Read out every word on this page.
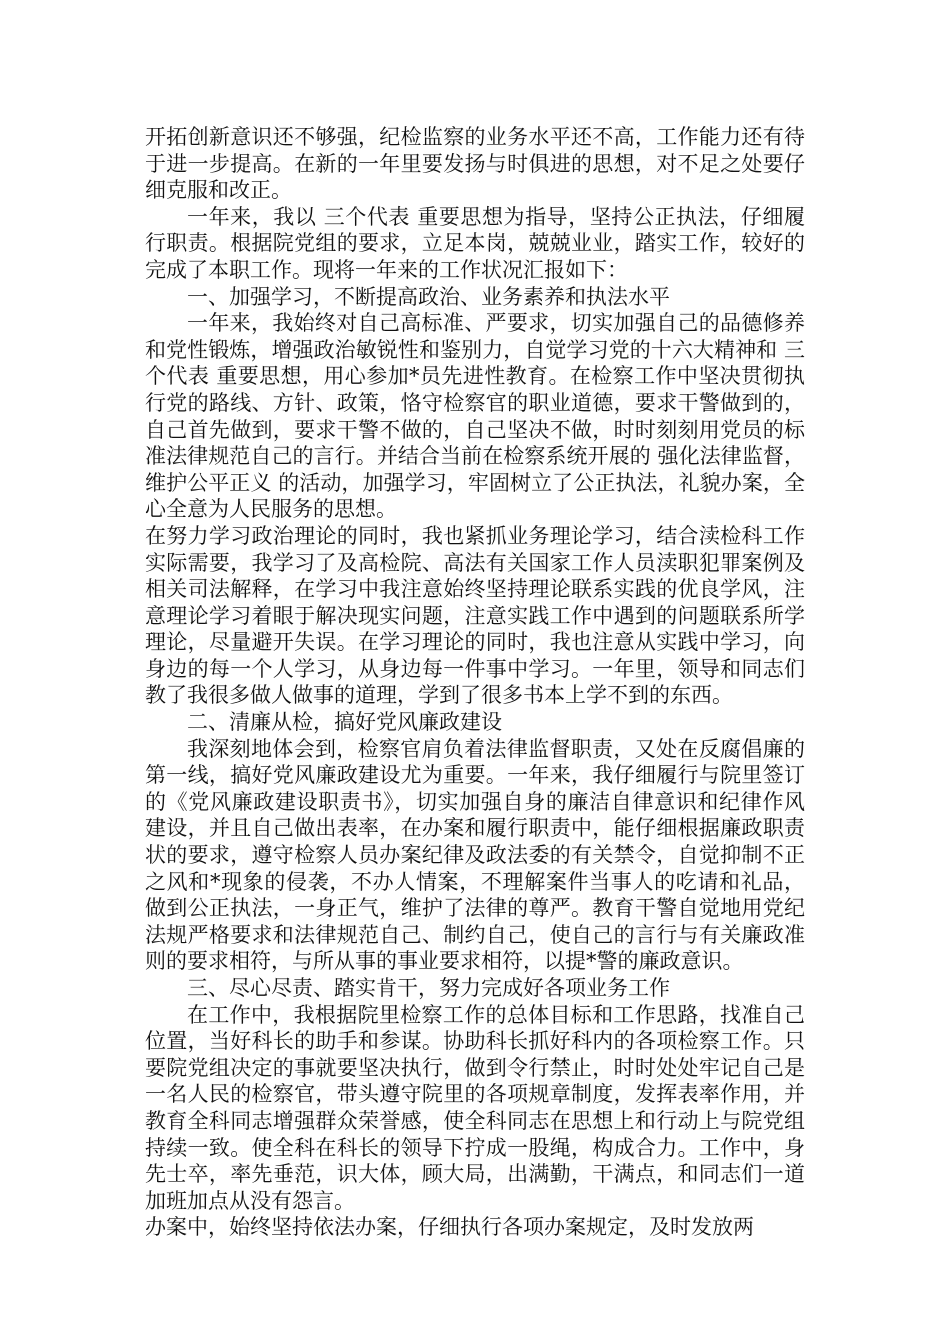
开拓创新意识还不够强，纪检监察的业务水平还不高，工作能力还有待于进一步提高。在新的一年里要发扬与时俱进的思想，对不足之处要仔细克服和改正。

一年来，我以 三个代表 重要思想为指导，坚持公正执法，仔细履行职责。根据院党组的要求，立足本岗，兢兢业业，踏实工作，较好的完成了本职工作。现将一年来的工作状况汇报如下：

一、加强学习，不断提高政治、业务素养和执法水平

一年来，我始终对自己高标准、严要求，切实加强自己的品德修养和党性锻炼，增强政治敏锐性和鉴别力，自觉学习党的十六大精神和 三个代表 重要思想，用心参加*员先进性教育。在检察工作中坚决贯彻执行党的路线、方针、政策，恪守检察官的职业道德，要求干警做到的，自己首先做到，要求干警不做的，自己坚决不做，时时刻刻用党员的标准法律规范自己的言行。并结合当前在检察系统开展的 强化法律监督，维护公平正义 的活动，加强学习，牢固树立了公正执法，礼貌办案，全心全意为人民服务的思想。

在努力学习政治理论的同时，我也紧抓业务理论学习，结合渎检科工作实际需要，我学习了及高检院、高法有关国家工作人员渎职犯罪案例及相关司法解释，在学习中我注意始终坚持理论联系实践的优良学风，注意理论学习着眼于解决现实问题，注意实践工作中遇到的问题联系所学理论，尽量避开失误。在学习理论的同时，我也注意从实践中学习，向身边的每一个人学习，从身边每一件事中学习。一年里，领导和同志们教了我很多做人做事的道理，学到了很多书本上学不到的东西。

二、清廉从检，搞好党风廉政建设

我深刻地体会到，检察官肩负着法律监督职责，又处在反腐倡廉的第一线，搞好党风廉政建设尤为重要。一年来，我仔细履行与院里签订的《党风廉政建设职责书》，切实加强自身的廉洁自律意识和纪律作风建设，并且自己做出表率，在办案和履行职责中，能仔细根据廉政职责状的要求，遵守检察人员办案纪律及政法委的有关禁令，自觉抑制不正之风和*现象的侵袭，不办人情案，不理解案件当事人的吃请和礼品，做到公正执法，一身正气，维护了法律的尊严。教育干警自觉地用党纪法规严格要求和法律规范自己、制约自己，使自己的言行与有关廉政准则的要求相符，与所从事的事业要求相符，以提*警的廉政意识。

三、尽心尽责、踏实肯干，努力完成好各项业务工作

在工作中，我根据院里检察工作的总体目标和工作思路，找准自己位置，当好科长的助手和参谋。协助科长抓好科内的各项检察工作。只要院党组决定的事就要坚决执行，做到令行禁止，时时处处牢记自己是一名人民的检察官，带头遵守院里的各项规章制度，发挥表率作用，并教育全科同志增强群众荣誉感，使全科同志在思想上和行动上与院党组持续一致。使全科在科长的领导下拧成一股绳，构成合力。工作中，身先士卒，率先垂范，识大体，顾大局，出满勤，干满点，和同志们一道加班加点从没有怨言。

办案中，始终坚持依法办案，仔细执行各项办案规定，及时发放两
